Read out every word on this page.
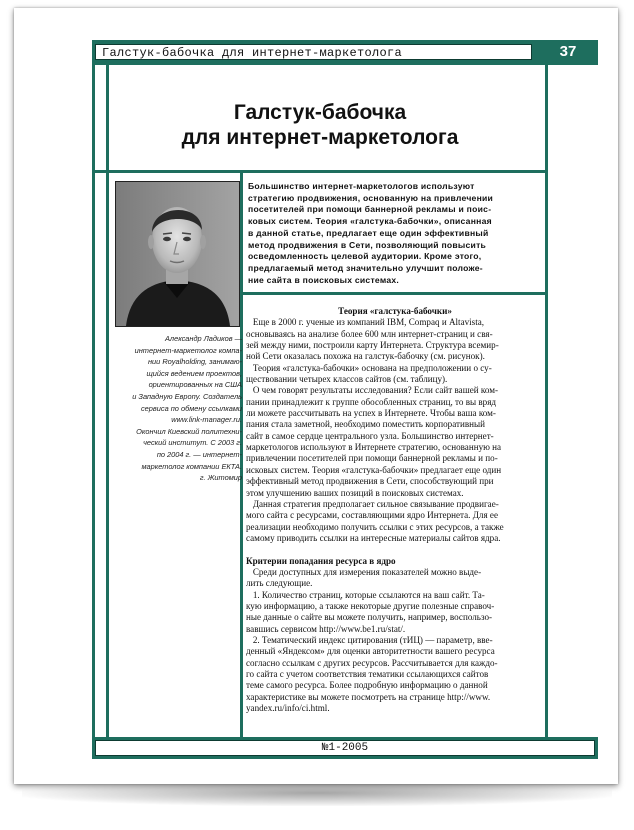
Галстук-бабочка для интернет-маркетолога	37
Галстук-бабочка
для интернет-маркетолога
Александр Ладиков —
интернет-маркетолог компа-
нии Royalholding, занимаю-
щийся ведением проектов,
ориентированных на США
и Западную Европу. Создатель
сервиса по обмену ссылками
www.link-manager.ru.
Окончил Киевский политехни-
ческий институт. С 2003 г.
по 2004 г. — интернет-
маркетолог компании ЕКТА.
г. Житомир
Большинство интернет-маркетологов используют
стратегию продвижения, основанную на привлечении
посетителей при помощи баннерной рекламы и поис-
ковых систем. Теория «галстука-бабочки», описанная
в данной статье, предлагает еще один эффективный
метод продвижения в Сети, позволяющий повысить
осведомленность целевой аудитории. Кроме этого,
предлагаемый метод значительно улучшит положе-
ние сайта в поисковых системах.
Теория «галстука-бабочки»
Еще в 2000 г. ученые из компаний IBM, Compaq и Altavista,
основываясь на анализе более 600 млн интернет-страниц и свя-
зей между ними, построили карту Интернета. Структура всемир-
ной Сети оказалась похожа на галстук-бабочку (см. рисунок).
Теория «галстука-бабочки» основана на предположении о су-
ществовании четырех классов сайтов (см. таблицу).
О чем говорят результаты исследования? Если сайт вашей ком-
пании принадлежит к группе обособленных страниц, то вы вряд
ли можете рассчитывать на успех в Интернете. Чтобы ваша ком-
пания стала заметной, необходимо поместить корпоративный
сайт в самое сердце центрального узла. Большинство интернет-
маркетологов используют в Интернете стратегию, основанную на
привлечении посетителей при помощи баннерной рекламы и по-
исковых систем. Теория «галстука-бабочки» предлагает еще один
эффективный метод продвижения в Сети, способствующий при
этом улучшению ваших позиций в поисковых системах.
Данная стратегия предполагает сильное связывание продвигае-
мого сайта с ресурсами, составляющими ядро Интернета. Для ее
реализации необходимо получить ссылки с этих ресурсов, а также
самому приводить ссылки на интересные материалы сайтов ядра.
Критерии попадания ресурса в ядро
Среди доступных для измерения показателей можно выде-
лить следующие.
1. Количество страниц, которые ссылаются на ваш сайт. Та-
кую информацию, а также некоторые другие полезные справоч-
ные данные о сайте вы можете получить, например, воспользо-
вавшись сервисом http://www.be1.ru/stat/.
2. Тематический индекс цитирования (тИЦ) — параметр, вве-
денный «Яндексом» для оценки авторитетности вашего ресурса
согласно ссылкам с других ресурсов. Рассчитывается для каждо-
го сайта с учетом соответствия тематики ссылающихся сайтов
теме самого ресурса. Более подробную информацию о данной
характеристике вы можете посмотреть на странице http://www.
yandex.ru/info/ci.html.
№1-2005
